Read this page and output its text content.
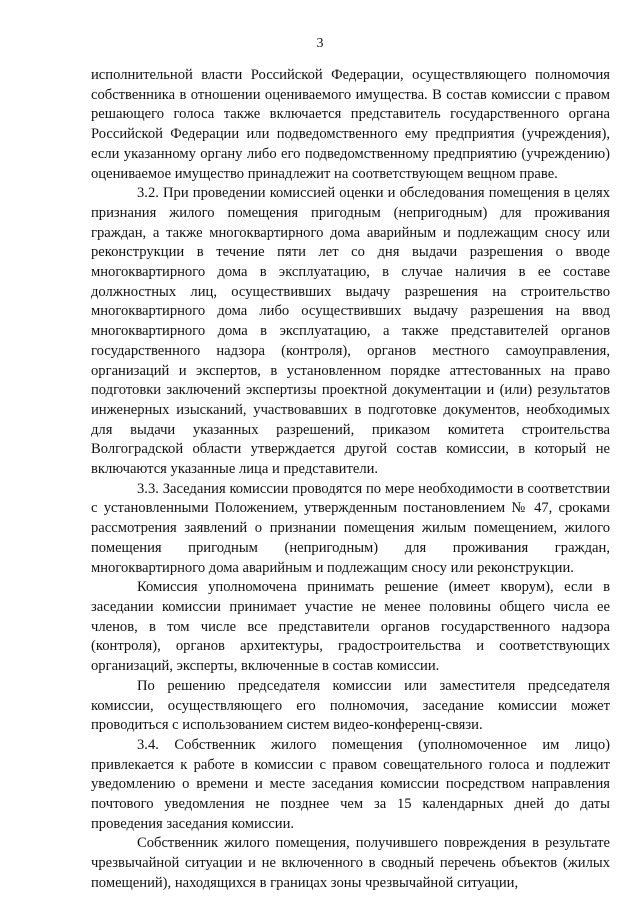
3

исполнительной власти Российской Федерации, осуществляющего полномочия собственника в отношении оцениваемого имущества. В состав комиссии с правом решающего голоса также включается представитель государственного органа Российской Федерации или подведомственного ему предприятия (учреждения), если указанному органу либо его подведомственному предприятию (учреждению) оцениваемое имущество принадлежит на соответствующем вещном праве.

3.2. При проведении комиссией оценки и обследования помещения в целях признания жилого помещения пригодным (непригодным) для проживания граждан, а также многоквартирного дома аварийным и подлежащим сносу или реконструкции в течение пяти лет со дня выдачи разрешения о вводе многоквартирного дома в эксплуатацию, в случае наличия в ее составе должностных лиц, осуществивших выдачу разрешения на строительство многоквартирного дома либо осуществивших выдачу разрешения на ввод многоквартирного дома в эксплуатацию, а также представителей органов государственного надзора (контроля), органов местного самоуправления, организаций и экспертов, в установленном порядке аттестованных на право подготовки заключений экспертизы проектной документации и (или) результатов инженерных изысканий, участвовавших в подготовке документов, необходимых для выдачи указанных разрешений, приказом комитета строительства Волгоградской области утверждается другой состав комиссии, в который не включаются указанные лица и представители.

3.3. Заседания комиссии проводятся по мере необходимости в соответствии с установленными Положением, утвержденным постановлением № 47, сроками рассмотрения заявлений о признании помещения жилым помещением, жилого помещения пригодным (непригодным) для проживания граждан, многоквартирного дома аварийным и подлежащим сносу или реконструкции.

Комиссия уполномочена принимать решение (имеет кворум), если в заседании комиссии принимает участие не менее половины общего числа ее членов, в том числе все представители органов государственного надзора (контроля), органов архитектуры, градостроительства и соответствующих организаций, эксперты, включенные в состав комиссии.

По решению председателя комиссии или заместителя председателя комиссии, осуществляющего его полномочия, заседание комиссии может проводиться с использованием систем видео-конференц-связи.

3.4. Собственник жилого помещения (уполномоченное им лицо) привлекается к работе в комиссии с правом совещательного голоса и подлежит уведомлению о времени и месте заседания комиссии посредством направления почтового уведомления не позднее чем за 15 календарных дней до даты проведения заседания комиссии.

Собственник жилого помещения, получившего повреждения в результате чрезвычайной ситуации и не включенного в сводный перечень объектов (жилых помещений), находящихся в границах зоны чрезвычайной ситуации,
